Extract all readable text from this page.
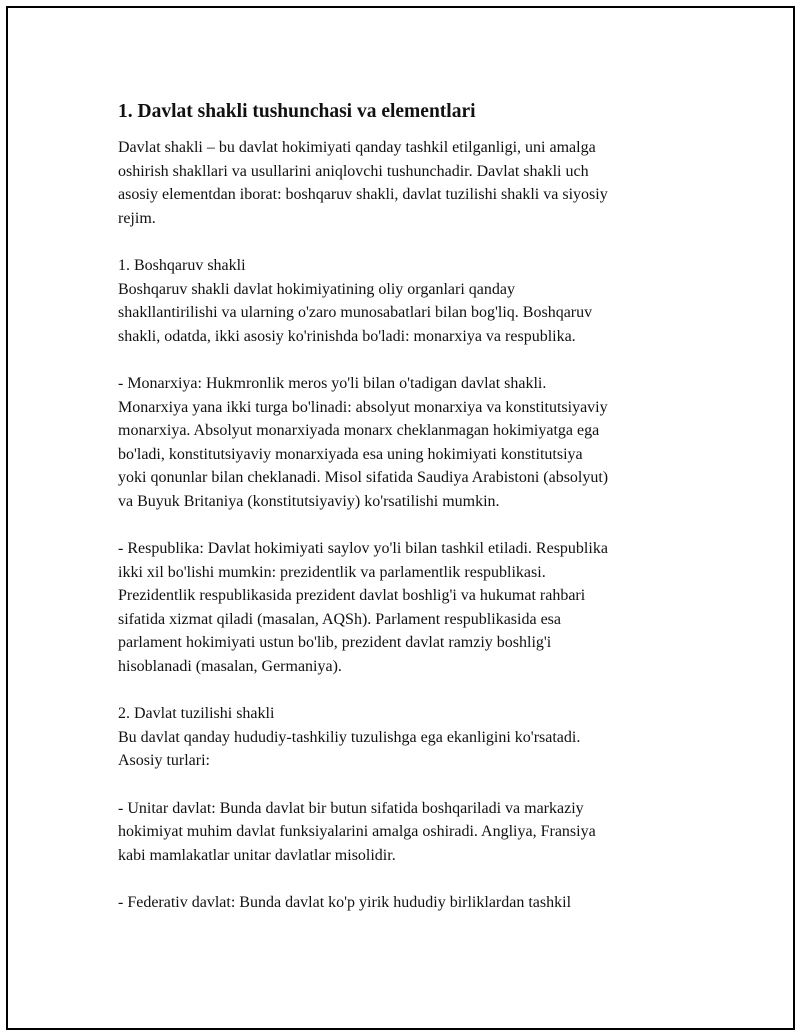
1. Davlat shakli tushunchasi va elementlari
Davlat shakli – bu davlat hokimiyati qanday tashkil etilganligi, uni amalga
oshirish shakllari va usullarini aniqlovchi tushunchadir. Davlat shakli uch
asosiy elementdan iborat: boshqaruv shakli, davlat tuzilishi shakli va siyosiy
rejim.
1. Boshqaruv shakli
Boshqaruv shakli davlat hokimiyatining oliy organlari qanday
shakllantirilishi va ularning o'zaro munosabatlari bilan bog'liq. Boshqaruv
shakli, odatda, ikki asosiy ko'rinishda bo'ladi: monarxiya va respublika.
- Monarxiya: Hukmronlik meros yo'li bilan o'tadigan davlat shakli.
Monarxiya yana ikki turga bo'linadi: absolyut monarxiya va konstitutsiyaviy
monarxiya. Absolyut monarxiyada monarx cheklanmagan hokimiyatga ega
bo'ladi, konstitutsiyaviy monarxiyada esa uning hokimiyati konstitutsiya
yoki qonunlar bilan cheklanadi. Misol sifatida Saudiya Arabistoni (absolyut)
va Buyuk Britaniya (konstitutsiyaviy) ko'rsatilishi mumkin.
- Respublika: Davlat hokimiyati saylov yo'li bilan tashkil etiladi. Respublika
ikki xil bo'lishi mumkin: prezidentlik va parlamentlik respublikasi.
Prezidentlik respublikasida prezident davlat boshlig'i va hukumat rahbari
sifatida xizmat qiladi (masalan, AQSh). Parlament respublikasida esa
parlament hokimiyati ustun bo'lib, prezident davlat ramziy boshlig'i
hisoblanadi (masalan, Germaniya).
2. Davlat tuzilishi shakli
Bu davlat qanday hududiy-tashkiliy tuzulishga ega ekanligini ko'rsatadi.
Asosiy turlari:
- Unitar davlat: Bunda davlat bir butun sifatida boshqariladi va markaziy
hokimiyat muhim davlat funksiyalarini amalga oshiradi. Angliya, Fransiya
kabi mamlakatlar unitar davlatlar misolidir.
- Federativ davlat: Bunda davlat ko'p yirik hududiy birliklardan tashkil
